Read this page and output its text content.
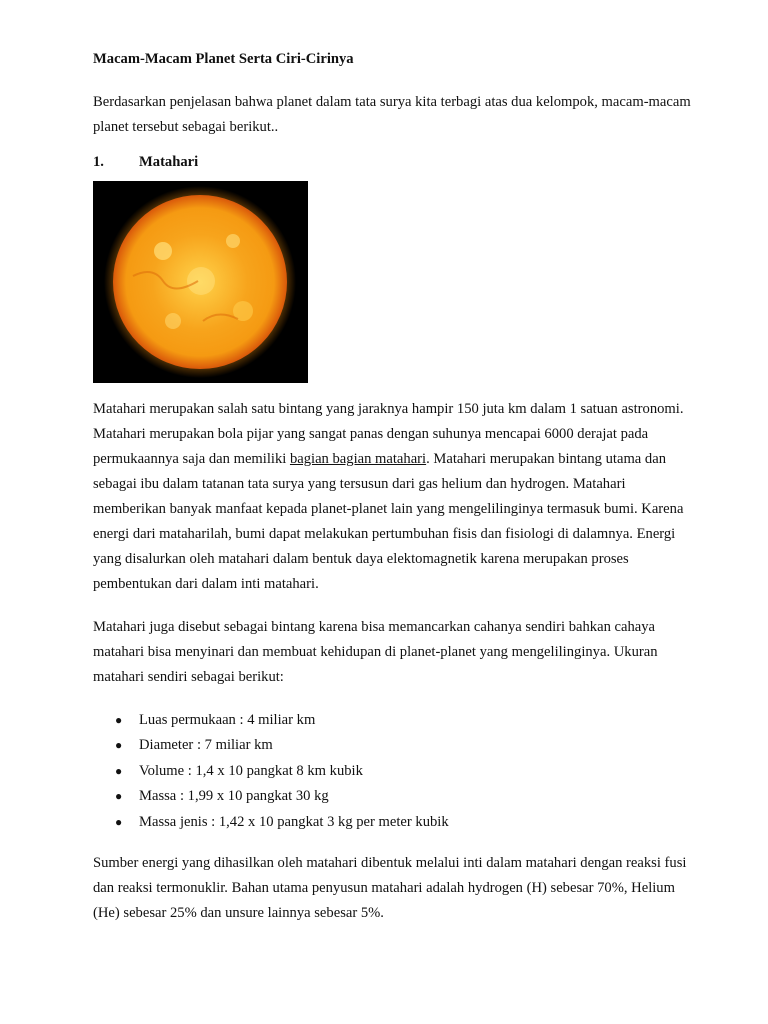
Macam-Macam Planet Serta Ciri-Cirinya

Berdasarkan penjelasan bahwa planet dalam tata surya kita terbagi atas dua kelompok, macam-macam planet tersebut sebagai berikut..

1. Matahari

Matahari merupakan salah satu bintang yang jaraknya hampir 150 juta km dalam 1 satuan astronomi. Matahari merupakan bola pijar yang sangat panas dengan suhunya mencapai 6000 derajat pada permukaannya saja dan memiliki bagian bagian matahari. Matahari merupakan bintang utama dan sebagai ibu dalam tatanan tata surya yang tersusun dari gas helium dan hydrogen. Matahari memberikan banyak manfaat kepada planet-planet lain yang mengelilinginya termasuk bumi. Karena energi dari mataharilah, bumi dapat melakukan pertumbuhan fisis dan fisiologi di dalamnya. Energi yang disalurkan oleh matahari dalam bentuk daya elektomagnetik karena merupakan proses pembentukan dari dalam inti matahari.

Matahari juga disebut sebagai bintang karena bisa memancarkan cahanya sendiri bahkan cahaya matahari bisa menyinari dan membuat kehidupan di planet-planet yang mengelilinginya. Ukuran matahari sendiri sebagai berikut:

● Luas permukaan : 4 miliar km
● Diameter : 7 miliar km
● Volume : 1,4 x 10 pangkat 8 km kubik
● Massa : 1,99 x 10 pangkat 30 kg
● Massa jenis : 1,42 x 10 pangkat 3 kg per meter kubik

Sumber energi yang dihasilkan oleh matahari dibentuk melalui inti dalam matahari dengan reaksi fusi dan reaksi termonuklir. Bahan utama penyusun matahari adalah hydrogen (H) sebesar 70%, Helium (He) sebesar 25% dan unsure lainnya sebesar 5%.
